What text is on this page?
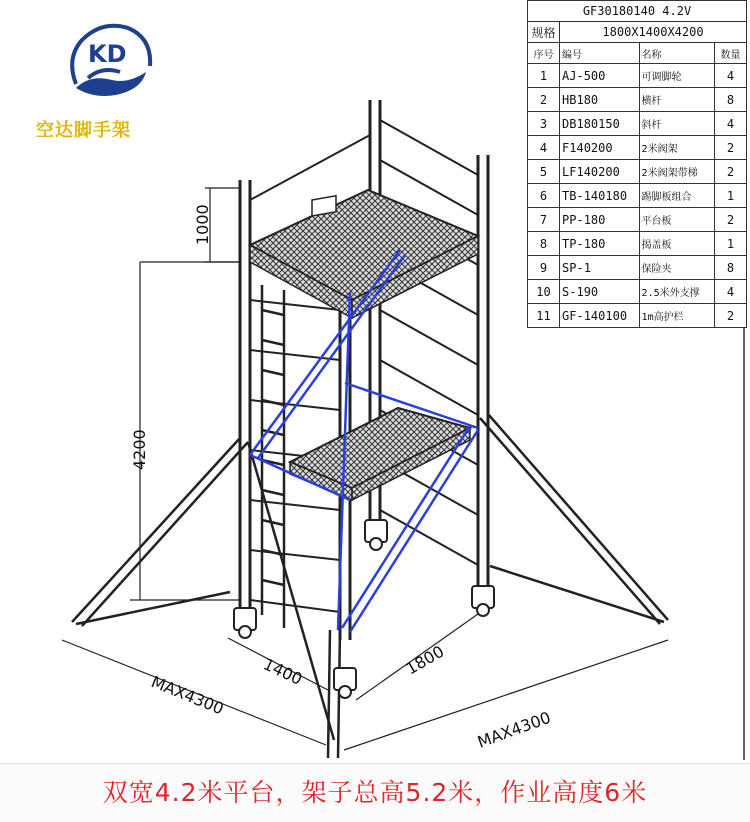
KD
空达脚手架
1000
4200
1400	1800
MAX4300
MAX4300
GF30180140 4.2V			
规格	1800X1400X4200		
序号	编号	名称	数量
1	AJ-500	可调脚轮	4
2	HB180	横杆	8
3	DB180150	斜杆	4
4	F140200	2米阀架	2
5	LF140200	2米阀架带梯	2
6	TB-140180	踢脚板组合	1
7	PP-180	平台板	2
8	TP-180	揭盖板	1
9	SP-1	保险夹	8
10	S-190	2.5米外支撑	4
11	GF-140100	1m高护栏	2
双宽4.2米平台，架子总高5.2米，作业高度6米
